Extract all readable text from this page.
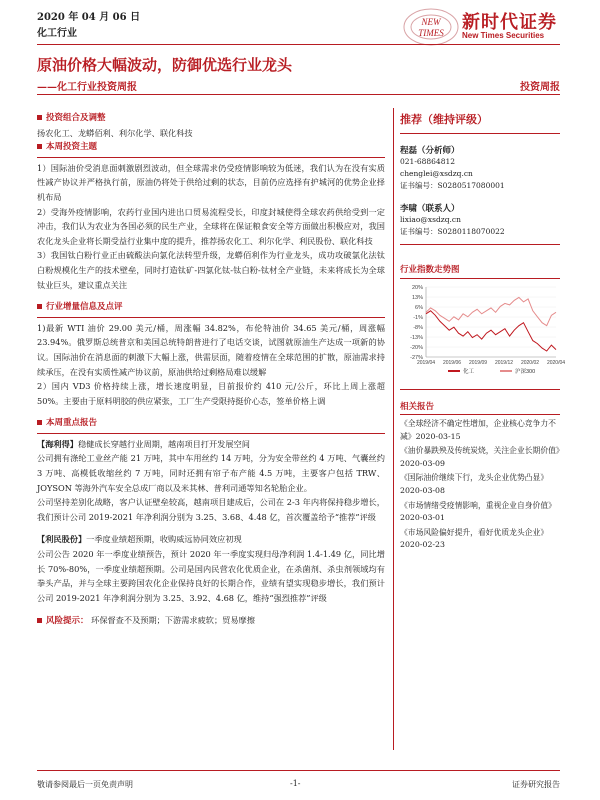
2020 年 04 月 06 日
化工行业
NEW
TIMES 新时代证券
New Times Securities
原油价格大幅波动，防御优选行业龙头
——化工行业投资周报	投资周报
投资组合及调整

扬农化工、龙蟒佰利、利尔化学、联化科技

本周投资主题

1）国际油价受消息面刺激剧烈波动，但全球需求仍受疫情影响较为低迷，我们认为在没有实质性减产协议并严格执行前，原油仍将处于供给过剩的状态，目前仍应选择有护城河的优势企业择机布局

2）受海外疫情影响，农药行业国内进出口贸易流程受长，印度封城使得全球农药供给受到一定冲击，我们认为农业为各国必须的民生产业，全球将在保证粮食安全等方面做出积极应对，我国农化龙头企业将长期受益行业集中度的提升，推荐扬农化工、利尔化学、利民股份、联化科技

3）我国钛白粉行业正由硫酸法向氯化法转型升级，龙蟒佰利作为行业龙头，成功攻破氯化法钛白粉规模化生产的技术壁垒，同时打造钛矿-四氯化钛-钛白粉-钛材全产业链，未来将成长为全球钛业巨头，建议重点关注

行业增量信息及点评

1)最新 WTI 油价 29.00 美元/桶，周涨幅 34.82%，布伦特油价 34.65 美元/桶，周涨幅 23.94%。俄罗斯总统普京和美国总统特朗普进行了电话交谈，试图就原油生产达成一项新的协议。国际油价在消息面的刺激下大幅上涨，供需层面，随着疫情在全球范围的扩散，原油需求持续承压，在没有实质性减产协议前，原油供给过剩格局难以缓解

2）国内 VD3 价格持续上涨，增长速度明显，目前报价约 410 元/公斤，环比上周上涨超 50%。主要由于原料明胶的供应紧张，工厂生产受限持挺价心态，签单价格上调

本周重点报告

【海利得】稳健成长穿越行业周期，越南项目打开发展空间

公司拥有涤纶工业丝产能 21 万吨，其中车用丝约 14 万吨，分为安全带丝约 4 万吨、气囊丝约 3 万吨、高模低收缩丝约 7 万吨，同时还拥有帘子布产能 4.5 万吨，主要客户包括 TRW、JOYSON 等海外汽车安全总成厂商以及米其林、普利司通等知名轮胎企业。

公司坚持差别化战略，客户认证壁垒较高，越南项目建成后，公司在 2-3 年内将保持稳步增长，我们预计公司 2019-2021 年净利润分别为 3.25、3.68、4.48 亿，首次覆盖给予“推荐”评级

【利民股份】一季度业绩超预期，收购威远协同效应初现

公司公告 2020 年一季度业绩预告，预计 2020 年一季度实现归母净利润 1.4-1.49 亿，同比增长 70%-80%，一季度业绩超预期。公司是国内民营农化优质企业，在杀菌剂、杀虫剂领域均有拳头产品，并与全球主要跨国农化企业保持良好的长期合作，业绩有望实现稳步增长，我们预计公司 2019-2021 年净利润分别为 3.25、3.92、4.68 亿，维持“强烈推荐”评级

风险提示： 环保督查不及预期；下游需求疲软；贸易摩擦
推荐（维持评级）
程磊（分析师）
021-68864812
chenglei@xsdzq.cn
证书编号：S0280517080001
李啸（联系人）
lixiao@xsdzq.cn
证书编号：S0280118070022
行业指数走势图
20%
13%
6%
-1%
-8%
-13%
-20%
-27%
2019/04 2019/06 2019/09 2019/12 2020/02 2020/04
化工	沪深300
相关报告
《全球经济不确定性增加，企业核心竞争力不减》2020-03-15
《油价暴跌殃及传统炭烧，关注企业长期价值》2020-03-09
《国际油价继续下行，龙头企业优势凸显》2020-03-08
《市场情绪受疫情影响，重视企业自身价值》2020-03-01
《市场风险偏好提升，看好优质龙头企业》2020-02-23
敬请参阅最后一页免责声明	-1-	证券研究报告
